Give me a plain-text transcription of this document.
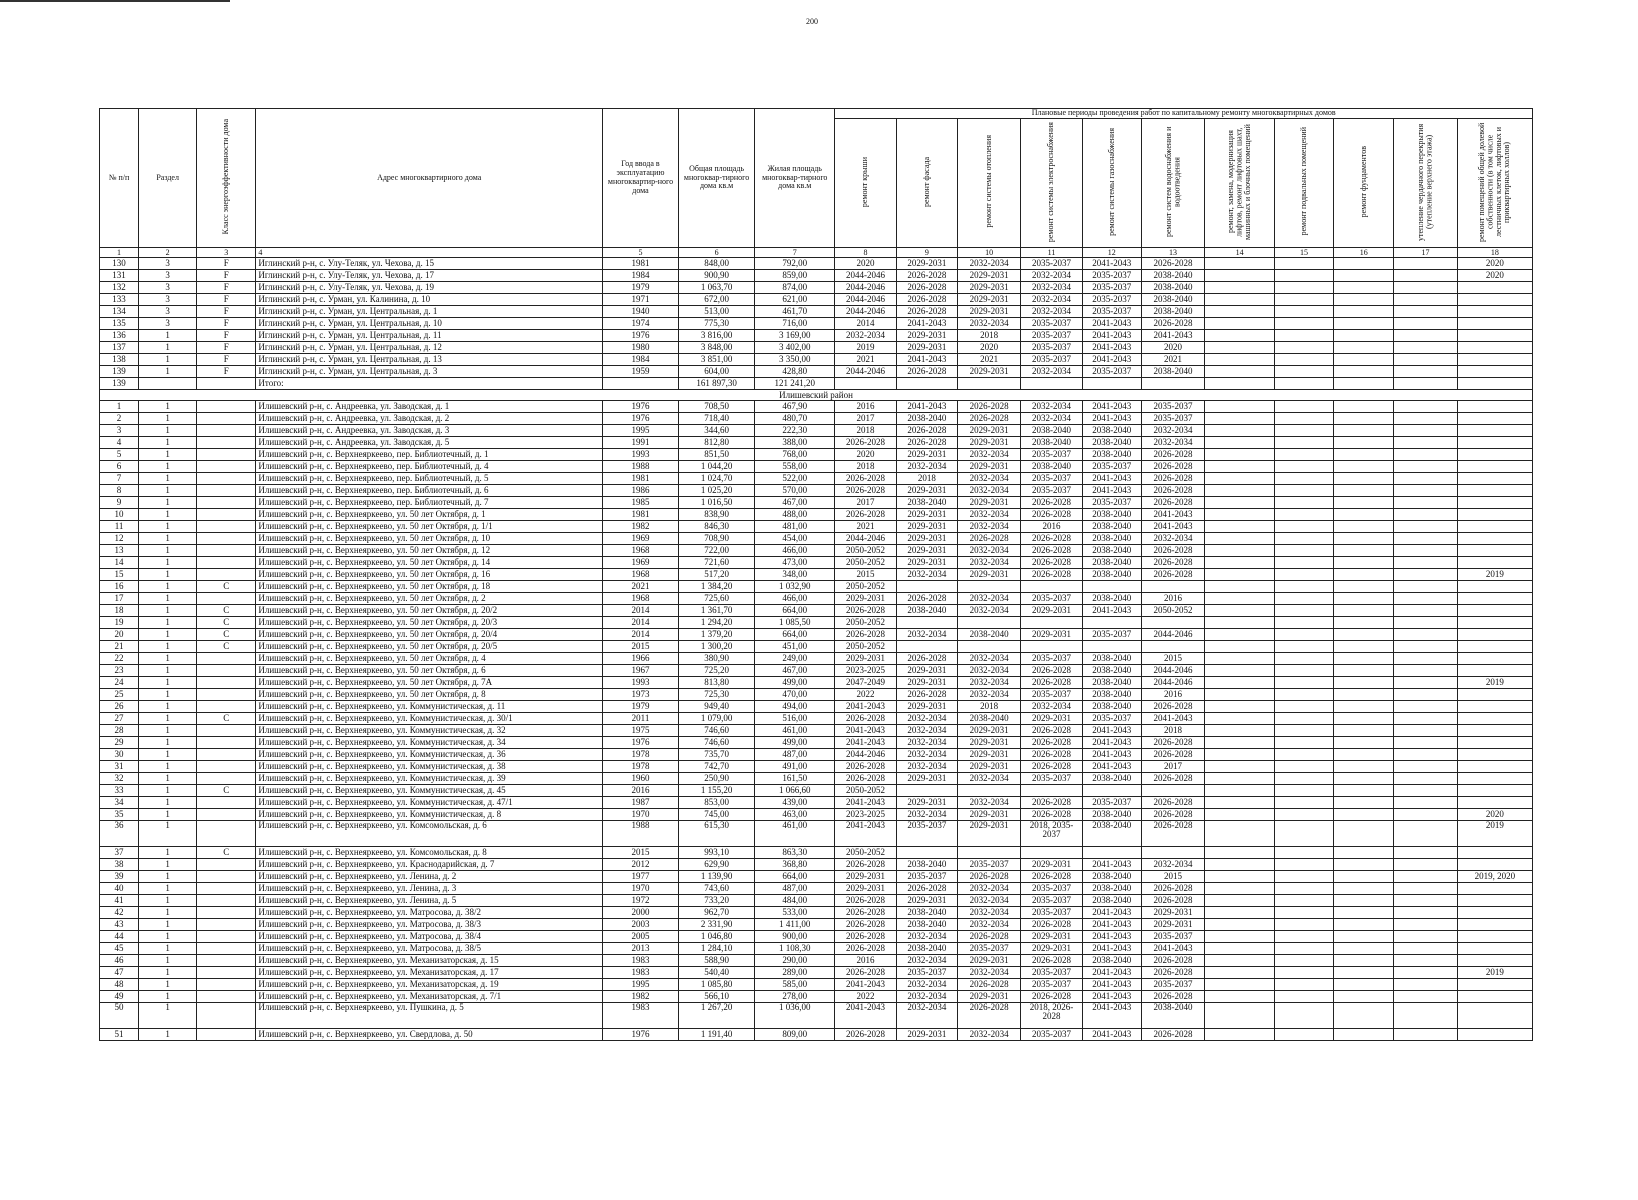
200
№ п/п	Раздел	Класс энергоэффективности дома	Адрес многоквартирного дома	Год ввода в эксплуатацию многоквартир-ного дома	Общая площадь многоквар-тирного дома кв.м	Жилая площадь многоквар-тирного дома кв.м	Плановые периоды проведения работ по капитальному ремонту многоквартирных домов										
							ремонт крыши	ремонт фасада	ремонт системы отопления	ремонт системы электроснабжения	ремонт системы газоснабжения	ремонт систем водоснабжения и водоотведения	ремонт, замена, модернизация лифтов, ремонт лифтовых шахт, машинных и блочных помещений	ремонт подвальных помещений	ремонт фундаментов	утепление чердачного перекрытия (утепление верхнего этажа)	ремонт помещений общей долевой собственности (в том числе лестничных клеток, лифтовых и приквартирных холлов)
1	2	3	4	5	6	7	8	9	10	11	12	13	14	15	16	17	18
130	3	F	Иглинский р-н, с. Улу-Теляк, ул. Чехова, д. 15	1981	848,00	792,00	2020	2029-2031	2032-2034	2035-2037	2041-2043	2026-2028					2020
131	3	F	Иглинский р-н, с. Улу-Теляк, ул. Чехова, д. 17	1984	900,90	859,00	2044-2046	2026-2028	2029-2031	2032-2034	2035-2037	2038-2040					2020
132	3	F	Иглинский р-н, с. Улу-Теляк, ул. Чехова, д. 19	1979	1 063,70	874,00	2044-2046	2026-2028	2029-2031	2032-2034	2035-2037	2038-2040					
133	3	F	Иглинский р-н, с. Урман, ул. Калинина, д. 10	1971	672,00	621,00	2044-2046	2026-2028	2029-2031	2032-2034	2035-2037	2038-2040					
134	3	F	Иглинский р-н, с. Урман, ул. Центральная, д. 1	1940	513,00	461,70	2044-2046	2026-2028	2029-2031	2032-2034	2035-2037	2038-2040					
135	3	F	Иглинский р-н, с. Урман, ул. Центральная, д. 10	1974	775,30	716,00	2014	2041-2043	2032-2034	2035-2037	2041-2043	2026-2028					
136	1	F	Иглинский р-н, с. Урман, ул. Центральная, д. 11	1976	3 816,00	3 169,00	2032-2034	2029-2031	2018	2035-2037	2041-2043	2041-2043					
137	1	F	Иглинский р-н, с. Урман, ул. Центральная, д. 12	1980	3 848,00	3 402,00	2019	2029-2031	2020	2035-2037	2041-2043	2020					
138	1	F	Иглинский р-н, с. Урман, ул. Центральная, д. 13	1984	3 851,00	3 350,00	2021	2041-2043	2021	2035-2037	2041-2043	2021					
139	1	F	Иглинский р-н, с. Урман, ул. Центральная, д. 3	1959	604,00	428,80	2044-2046	2026-2028	2029-2031	2032-2034	2035-2037	2038-2040					
139			Итого:		161 897,30	121 241,20											
Илишевский район																	
1	1		Илишевский р-н, с. Андреевка, ул. Заводская, д. 1	1976	708,50	467,90	2016	2041-2043	2026-2028	2032-2034	2041-2043	2035-2037					
2	1		Илишевский р-н, с. Андреевка, ул. Заводская, д. 2	1976	718,40	480,70	2017	2038-2040	2026-2028	2032-2034	2041-2043	2035-2037					
3	1		Илишевский р-н, с. Андреевка, ул. Заводская, д. 3	1995	344,60	222,30	2018	2026-2028	2029-2031	2038-2040	2038-2040	2032-2034					
4	1		Илишевский р-н, с. Андреевка, ул. Заводская, д. 5	1991	812,80	388,00	2026-2028	2026-2028	2029-2031	2038-2040	2038-2040	2032-2034					
5	1		Илишевский р-н, с. Верхнеяркеево, пер. Библиотечный, д. 1	1993	851,50	768,00	2020	2029-2031	2032-2034	2035-2037	2038-2040	2026-2028					
6	1		Илишевский р-н, с. Верхнеяркеево, пер. Библиотечный, д. 4	1988	1 044,20	558,00	2018	2032-2034	2029-2031	2038-2040	2035-2037	2026-2028					
7	1		Илишевский р-н, с. Верхнеяркеево, пер. Библиотечный, д. 5	1981	1 024,70	522,00	2026-2028	2018	2032-2034	2035-2037	2041-2043	2026-2028					
8	1		Илишевский р-н, с. Верхнеяркеево, пер. Библиотечный, д. 6	1986	1 025,20	570,00	2026-2028	2029-2031	2032-2034	2035-2037	2041-2043	2026-2028					
9	1		Илишевский р-н, с. Верхнеяркеево, пер. Библиотечный, д. 7	1985	1 016,50	467,00	2017	2038-2040	2029-2031	2026-2028	2035-2037	2026-2028					
10	1		Илишевский р-н, с. Верхнеяркеево, ул. 50 лет Октября, д. 1	1981	838,90	488,00	2026-2028	2029-2031	2032-2034	2026-2028	2038-2040	2041-2043					
11	1		Илишевский р-н, с. Верхнеяркеево, ул. 50 лет Октября, д. 1/1	1982	846,30	481,00	2021	2029-2031	2032-2034	2016	2038-2040	2041-2043					
12	1		Илишевский р-н, с. Верхнеяркеево, ул. 50 лет Октября, д. 10	1969	708,90	454,00	2044-2046	2029-2031	2026-2028	2026-2028	2038-2040	2032-2034					
13	1		Илишевский р-н, с. Верхнеяркеево, ул. 50 лет Октября, д. 12	1968	722,00	466,00	2050-2052	2029-2031	2032-2034	2026-2028	2038-2040	2026-2028					
14	1		Илишевский р-н, с. Верхнеяркеево, ул. 50 лет Октября, д. 14	1969	721,60	473,00	2050-2052	2029-2031	2032-2034	2026-2028	2038-2040	2026-2028					
15	1		Илишевский р-н, с. Верхнеяркеево, ул. 50 лет Октября, д. 16	1968	517,20	348,00	2015	2032-2034	2029-2031	2026-2028	2038-2040	2026-2028					2019
16	1	C	Илишевский р-н, с. Верхнеяркеево, ул. 50 лет Октября, д. 18	2021	1 384,20	1 032,90	2050-2052										
17	1		Илишевский р-н, с. Верхнеяркеево, ул. 50 лет Октября, д. 2	1968	725,60	466,00	2029-2031	2026-2028	2032-2034	2035-2037	2038-2040	2016					
18	1	C	Илишевский р-н, с. Верхнеяркеево, ул. 50 лет Октября, д. 20/2	2014	1 361,70	664,00	2026-2028	2038-2040	2032-2034	2029-2031	2041-2043	2050-2052					
19	1	C	Илишевский р-н, с. Верхнеяркеево, ул. 50 лет Октября, д. 20/3	2014	1 294,20	1 085,50	2050-2052										
20	1	C	Илишевский р-н, с. Верхнеяркеево, ул. 50 лет Октября, д. 20/4	2014	1 379,20	664,00	2026-2028	2032-2034	2038-2040	2029-2031	2035-2037	2044-2046					
21	1	C	Илишевский р-н, с. Верхнеяркеево, ул. 50 лет Октября, д. 20/5	2015	1 300,20	451,00	2050-2052										
22	1		Илишевский р-н, с. Верхнеяркеево, ул. 50 лет Октября, д. 4	1966	380,90	249,00	2029-2031	2026-2028	2032-2034	2035-2037	2038-2040	2015					
23	1		Илишевский р-н, с. Верхнеяркеево, ул. 50 лет Октября, д. 6	1967	725,20	467,00	2023-2025	2029-2031	2032-2034	2026-2028	2038-2040	2044-2046					
24	1		Илишевский р-н, с. Верхнеяркеево, ул. 50 лет Октября, д. 7А	1993	813,80	499,00	2047-2049	2029-2031	2032-2034	2026-2028	2038-2040	2044-2046					2019
25	1		Илишевский р-н, с. Верхнеяркеево, ул. 50 лет Октября, д. 8	1973	725,30	470,00	2022	2026-2028	2032-2034	2035-2037	2038-2040	2016					
26	1		Илишевский р-н, с. Верхнеяркеево, ул. Коммунистическая, д. 11	1979	949,40	494,00	2041-2043	2029-2031	2018	2032-2034	2038-2040	2026-2028					
27	1	C	Илишевский р-н, с. Верхнеяркеево, ул. Коммунистическая, д. 30/1	2011	1 079,00	516,00	2026-2028	2032-2034	2038-2040	2029-2031	2035-2037	2041-2043					
28	1		Илишевский р-н, с. Верхнеяркеево, ул. Коммунистическая, д. 32	1975	746,60	461,00	2041-2043	2032-2034	2029-2031	2026-2028	2041-2043	2018					
29	1		Илишевский р-н, с. Верхнеяркеево, ул. Коммунистическая, д. 34	1976	746,60	499,00	2041-2043	2032-2034	2029-2031	2026-2028	2041-2043	2026-2028					
30	1		Илишевский р-н, с. Верхнеяркеево, ул. Коммунистическая, д. 36	1978	735,70	487,00	2044-2046	2032-2034	2029-2031	2026-2028	2041-2043	2026-2028					
31	1		Илишевский р-н, с. Верхнеяркеево, ул. Коммунистическая, д. 38	1978	742,70	491,00	2026-2028	2032-2034	2029-2031	2026-2028	2041-2043	2017					
32	1		Илишевский р-н, с. Верхнеяркеево, ул. Коммунистическая, д. 39	1960	250,90	161,50	2026-2028	2029-2031	2032-2034	2035-2037	2038-2040	2026-2028					
33	1	C	Илишевский р-н, с. Верхнеяркеево, ул. Коммунистическая, д. 45	2016	1 155,20	1 066,60	2050-2052										
34	1		Илишевский р-н, с. Верхнеяркеево, ул. Коммунистическая, д. 47/1	1987	853,00	439,00	2041-2043	2029-2031	2032-2034	2026-2028	2035-2037	2026-2028					
35	1		Илишевский р-н, с. Верхнеяркеево, ул. Коммунистическая, д. 8	1970	745,00	463,00	2023-2025	2032-2034	2029-2031	2026-2028	2038-2040	2026-2028					2020
36	1		Илишевский р-н, с. Верхнеяркеево, ул. Комсомольская, д. 6	1988	615,30	461,00	2041-2043	2035-2037	2029-2031	2018, 2035-2037	2038-2040	2026-2028					2019
37	1	C	Илишевский р-н, с. Верхнеяркеево, ул. Комсомольская, д. 8	2015	993,10	863,30	2050-2052										
38	1		Илишевский р-н, с. Верхнеяркеево, ул. Краснодарийская, д. 7	2012	629,90	368,80	2026-2028	2038-2040	2035-2037	2029-2031	2041-2043	2032-2034					
39	1		Илишевский р-н, с. Верхнеяркеево, ул. Ленина, д. 2	1977	1 139,90	664,00	2029-2031	2035-2037	2026-2028	2026-2028	2038-2040	2015					2019, 2020
40	1		Илишевский р-н, с. Верхнеяркеево, ул. Ленина, д. 3	1970	743,60	487,00	2029-2031	2026-2028	2032-2034	2035-2037	2038-2040	2026-2028					
41	1		Илишевский р-н, с. Верхнеяркеево, ул. Ленина, д. 5	1972	733,20	484,00	2026-2028	2029-2031	2032-2034	2035-2037	2038-2040	2026-2028					
42	1		Илишевский р-н, с. Верхнеяркеево, ул. Матросова, д. 38/2	2000	962,70	533,00	2026-2028	2038-2040	2032-2034	2035-2037	2041-2043	2029-2031					
43	1		Илишевский р-н, с. Верхнеяркеево, ул. Матросова, д. 38/3	2003	2 331,90	1 411,00	2026-2028	2038-2040	2032-2034	2026-2028	2041-2043	2029-2031					
44	1		Илишевский р-н, с. Верхнеяркеево, ул. Матросова, д. 38/4	2005	1 046,80	900,00	2026-2028	2032-2034	2026-2028	2029-2031	2041-2043	2035-2037					
45	1		Илишевский р-н, с. Верхнеяркеево, ул. Матросова, д. 38/5	2013	1 284,10	1 108,30	2026-2028	2038-2040	2035-2037	2029-2031	2041-2043	2041-2043					
46	1		Илишевский р-н, с. Верхнеяркеево, ул. Механизаторская, д. 15	1983	588,90	290,00	2016	2032-2034	2029-2031	2026-2028	2038-2040	2026-2028					
47	1		Илишевский р-н, с. Верхнеяркеево, ул. Механизаторская, д. 17	1983	540,40	289,00	2026-2028	2035-2037	2032-2034	2035-2037	2041-2043	2026-2028					2019
48	1		Илишевский р-н, с. Верхнеяркеево, ул. Механизаторская, д. 19	1995	1 085,80	585,00	2041-2043	2032-2034	2026-2028	2035-2037	2041-2043	2035-2037					
49	1		Илишевский р-н, с. Верхнеяркеево, ул. Механизаторская, д. 7/1	1982	566,10	278,00	2022	2032-2034	2029-2031	2026-2028	2041-2043	2026-2028					
50	1		Илишевский р-н, с. Верхнеяркеево, ул. Пушкина, д. 5	1983	1 267,20	1 036,00	2041-2043	2032-2034	2026-2028	2018, 2026-2028	2041-2043	2038-2040					
51	1		Илишевский р-н, с. Верхнеяркеево, ул. Свердлова, д. 50	1976	1 191,40	809,00	2026-2028	2029-2031	2032-2034	2035-2037	2041-2043	2026-2028					
